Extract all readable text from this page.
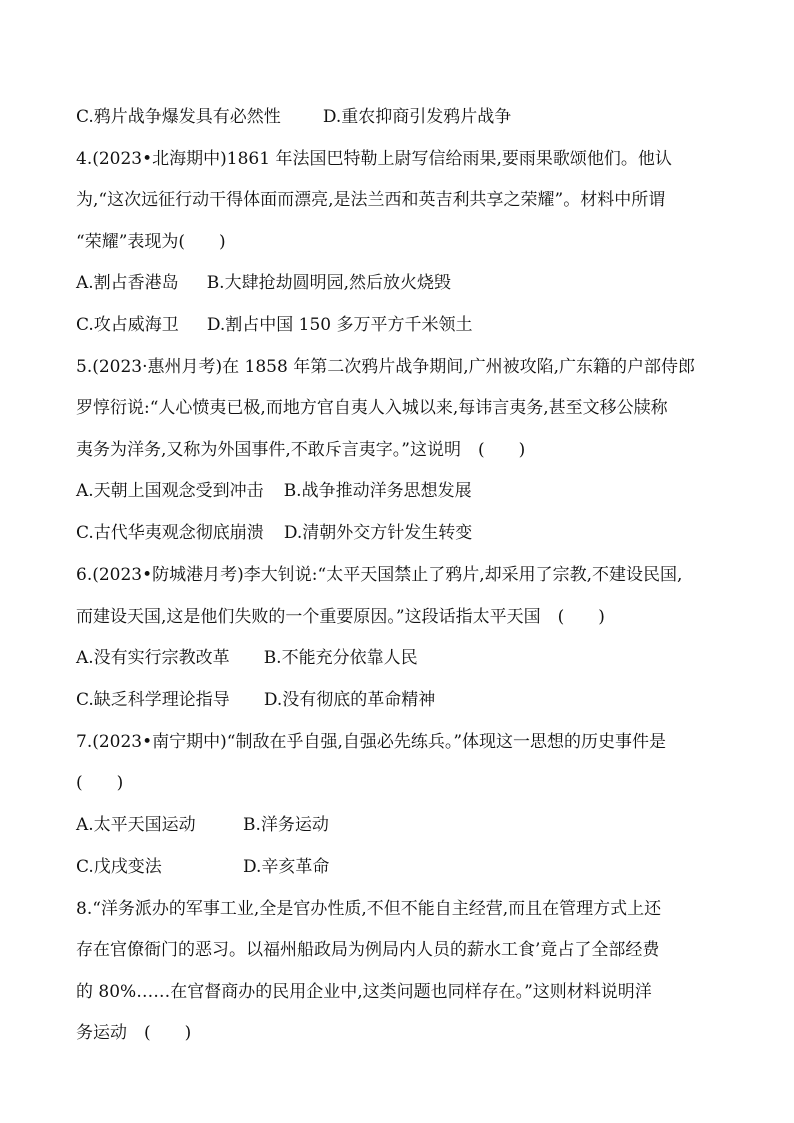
C.鸦片战争爆发具有必然性 D.重农抑商引发鸦片战争
4.(2023•北海期中)1861 年法国巴特勒上尉写信给雨果,要雨果歌颂他们。他认
为,“这次远征行动干得体面而漂亮,是法兰西和英吉利共享之荣耀”。材料中所谓
“荣耀”表现为(　　)
A.割占香港岛 B.大肆抢劫圆明园,然后放火烧毁
C.攻占威海卫 D.割占中国 150 多万平方千米领土
5.(2023·惠州月考)在 1858 年第二次鸦片战争期间,广州被攻陷,广东籍的户部侍郎
罗惇衍说:“人心愤夷已极,而地方官自夷人入城以来,每讳言夷务,甚至文移公牍称
夷务为洋务,又称为外国事件,不敢斥言夷字。”这说明　(　　)
A.天朝上国观念受到冲击 B.战争推动洋务思想发展
C.古代华夷观念彻底崩溃 D.清朝外交方针发生转变
6.(2023•防城港月考)李大钊说:“太平天国禁止了鸦片,却采用了宗教,不建设民国,
而建设天国,这是他们失败的一个重要原因。”这段话指太平天国　(　　)
A.没有实行宗教改革 B.不能充分依靠人民
C.缺乏科学理论指导 D.没有彻底的革命精神
7.(2023•南宁期中)“制敌在乎自强,自强必先练兵。”体现这一思想的历史事件是
(　　)
A.太平天国运动	B.洋务运动
C.戊戌变法	D.辛亥革命
8.“洋务派办的军事工业,全是官办性质,不但不能自主经营,而且在管理方式上还
存在官僚衙门的恶习。以福州船政局为例局内人员的薪水工食’竟占了全部经费
的 80%……在官督商办的民用企业中,这类问题也同样存在。”这则材料说明洋
务运动　(　　)
